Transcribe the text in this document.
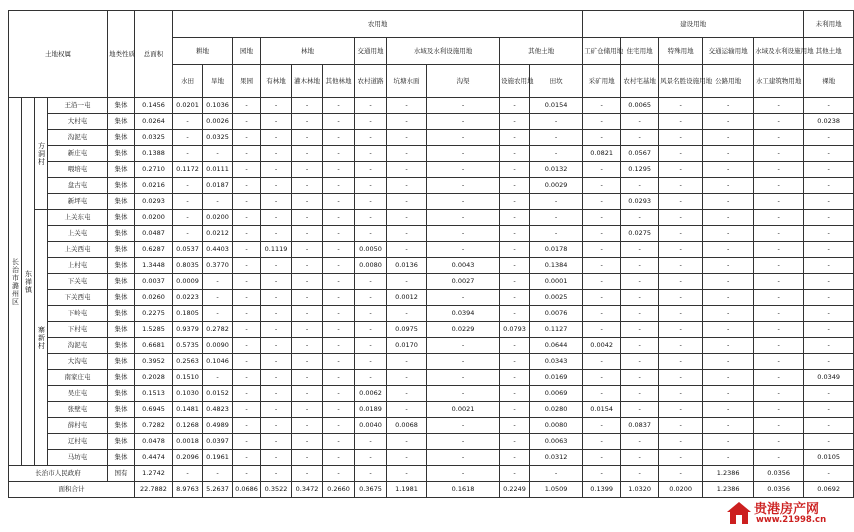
土地权属				地类性质	总面积	农用地											建设用地					未利用地
						耕地		园地	林地			交通用地	水域及水利设施用地		其他土地		工矿仓储用地	住宅用地	特殊用地	交通运输用地	水域及水利设施用地	其他土地
						水田	旱地	果园	有林地	灌木林地	其他林地	农村道路	坑塘水面	沟渠	设施农用地	田坎	采矿用地	农村宅基地	风景名胜设施用地	公路用地	水工建筑物用地	裸地
长治市潞州区	东禅镇	方洞村	王沿一屯	集体	0.1456	0.0201	0.1036	-	-	-	-	-	-	-	-	0.0154	-	0.0065	-	-	-	-
			大村屯	集体	0.0264	-	0.0026	-	-	-	-	-	-	-	-	-	-	-	-	-	-	0.0238
			沟泥屯	集体	0.0325	-	0.0325	-	-	-	-	-	-	-	-	-	-	-	-	-	-	-
			新庄屯	集体	0.1388	-	-	-	-	-	-	-	-	-	-	-	0.0821	0.0567	-	-	-	-
			喂培屯	集体	0.2710	0.1172	0.0111	-	-	-	-	-	-	-	-	0.0132	-	0.1295	-	-	-	-
			盘古屯	集体	0.0216	-	0.0187	-	-	-	-	-	-	-	-	0.0029	-	-	-	-	-	-
			新坪屯	集体	0.0293	-	-	-	-	-	-	-	-	-	-	-	-	0.0293	-	-	-	-
		寨新村	上关东屯	集体	0.0200	-	0.0200	-	-	-	-	-	-	-	-	-	-	-	-	-	-	-
			上关屯	集体	0.0487	-	0.0212	-	-	-	-	-	-	-	-	-	-	0.0275	-	-	-	-
			上关西屯	集体	0.6287	0.0537	0.4403	-	0.1119	-	-	0.0050	-	-	-	0.0178	-	-	-	-	-	-
			上村屯	集体	1.3448	0.8035	0.3770	-	-	-	-	0.0080	0.0136	0.0043	-	0.1384	-	-	-	-	-	-
			下关屯	集体	0.0037	0.0009	-	-	-	-	-	-	-	0.0027	-	0.0001	-	-	-	-	-	-
			下关西屯	集体	0.0260	0.0223	-	-	-	-	-	-	0.0012	-	-	0.0025	-	-	-	-	-	-
			下岭屯	集体	0.2275	0.1805	-	-	-	-	-	-	-	0.0394	-	0.0076	-	-	-	-	-	-
			下村屯	集体	1.5285	0.9379	0.2782	-	-	-	-	-	0.0975	0.0229	0.0793	0.1127	-	-	-	-	-	-
			沟泥屯	集体	0.6681	0.5735	0.0090	-	-	-	-	-	0.0170	-	-	0.0644	0.0042	-	-	-	-	-
			大沟屯	集体	0.3952	0.2563	0.1046	-	-	-	-	-	-	-	-	0.0343	-	-	-	-	-	-
			南家庄屯	集体	0.2028	0.1510	-	-	-	-	-	-	-	-	-	0.0169	-	-	-	-	-	0.0349
			吴庄屯	集体	0.1513	0.1030	0.0152	-	-	-	-	0.0062	-	-	-	0.0069	-	-	-	-	-	-
			张壁屯	集体	0.6945	0.1481	0.4823	-	-	-	-	0.0189	-	0.0021	-	0.0280	0.0154	-	-	-	-	-
			薛村屯	集体	0.7282	0.1268	0.4989	-	-	-	-	0.0040	0.0068	-	-	0.0080	-	0.0837	-	-	-	-
			辽村屯	集体	0.0478	0.0018	0.0397	-	-	-	-	-	-	-	-	0.0063	-	-	-	-	-	-
			马坊屯	集体	0.4474	0.2096	0.1961	-	-	-	-	-	-	-	-	0.0312	-	-	-	-	-	0.0105
长治市人民政府				国有	1.2742	-	-	-	-	-	-	-	-	-	-	-	-	-	-	1.2386	0.0356	-
面积合计					22.7882	8.9763	5.2637	0.0686	0.3522	0.3472	0.2660	0.3675	1.1981	0.1618	0.2249	1.0509	0.1399	1.0320	0.0200	1.2386	0.0356	0.0692
贵港房产网
www.21998.cn
